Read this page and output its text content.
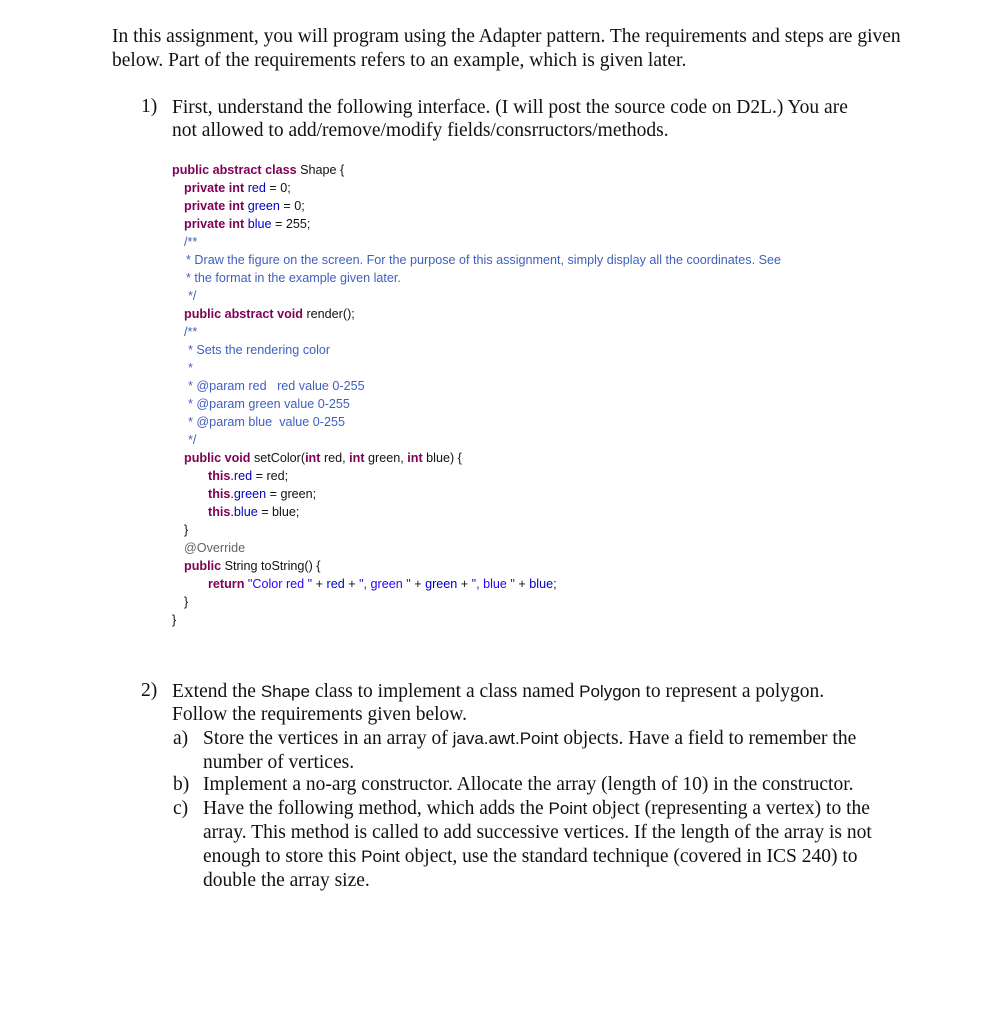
In this assignment, you will program using the Adapter pattern. The requirements and steps are given below. Part of the requirements refers to an example, which is given later.
1) First, understand the following interface. (I will post the source code on D2L.) You are
not allowed to add/remove/modify fields/consrructors/methods.
public abstract class Shape {
private int red = 0;
private int green = 0;
private int blue = 255;
/**
* Draw the figure on the screen. For the purpose of this assignment, simply display all the coordinates. See
* the format in the example given later.
*/
public abstract void render();
/**
* Sets the rendering color
*
* @param red   red value 0-255
* @param green value 0-255
* @param blue  value 0-255
*/
public void setColor(int red, int green, int blue) {
this.red = red;
this.green = green;
this.blue = blue;
}
@Override
public String toString() {
return "Color red " + red + ", green " + green + ", blue " + blue;
}
}
2) Extend the Shape class to implement a class named Polygon to represent a polygon.
Follow the requirements given below.
a) Store the vertices in an array of java.awt.Point objects. Have a field to remember the number of vertices.
b) Implement a no-arg constructor. Allocate the array (length of 10) in the constructor.
c) Have the following method, which adds the Point object (representing a vertex) to the array. This method is called to add successive vertices. If the length of the array is not enough to store this Point object, use the standard technique (covered in ICS 240) to double the array size.
